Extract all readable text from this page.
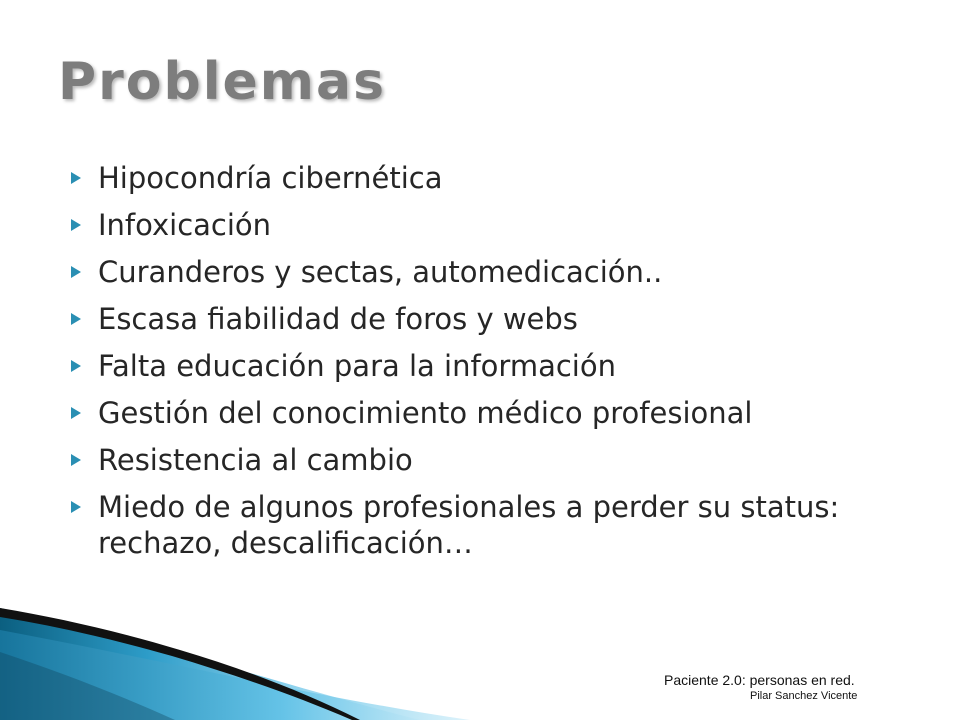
Problemas
Hipocondría cibernética
Infoxicación
Curanderos y sectas, automedicación..
Escasa fiabilidad de foros y webs
Falta educación para la información
Gestión del conocimiento médico profesional
Resistencia al cambio
Miedo de algunos profesionales a perder su status: rechazo, descalificación…
Paciente 2.0: personas en red.
Pilar Sanchez Vicente
